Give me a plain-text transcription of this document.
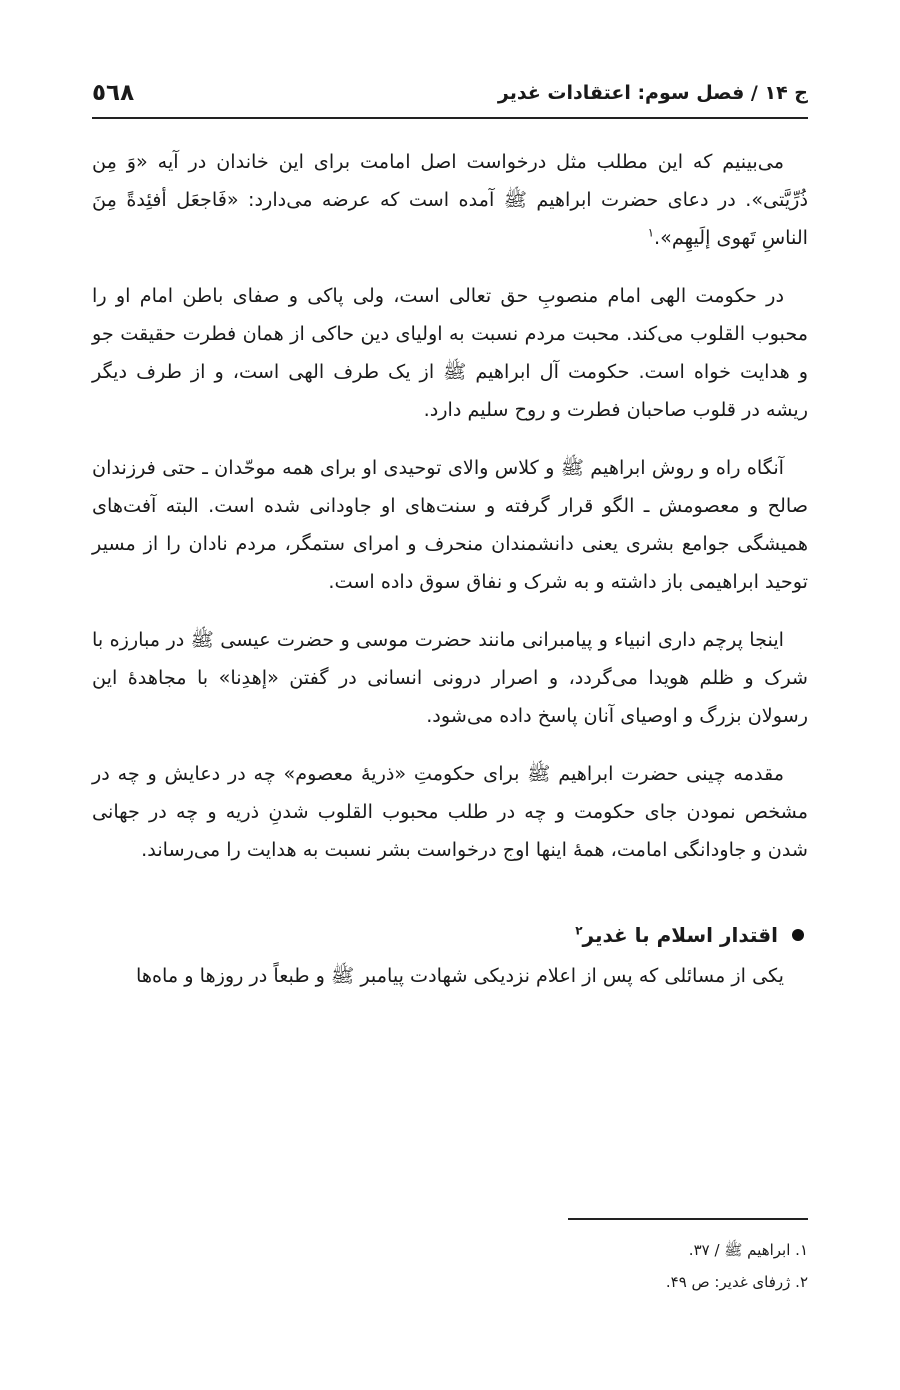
ج ۱۴ / فصل سوم: اعتقادات غدیر
٥٦٨

می‌بینیم که این مطلب مثل درخواست اصل امامت برای این خاندان در آیه «وَ مِن ذُرِّیَّتی». در دعای حضرت ابراهیم ﷺ آمده است که عرضه می‌دارد: «فَاجعَل أفئِدةً مِنَ الناسِ تَهوی إلَیهِم».$^۱$

در حکومت الهی امام منصوبِ حق تعالی است، ولی پاکی و صفای باطن امام او را محبوب القلوب می‌کند. محبت مردم نسبت به اولیای دین حاکی از همان فطرت حقیقت جو و هدایت خواه است. حکومت آل ابراهیم ﷺ از یک طرف الهی است، و از طرف دیگر ریشه در قلوب صاحبان فطرت و روح سلیم دارد.

آنگاه راه و روش ابراهیم ﷺ و کلاس والای توحیدی او برای همه موحّدان ـ حتی فرزندان صالح و معصومش ـ الگو قرار گرفته و سنت‌های او جاودانی شده است. البته آفت‌های همیشگی جوامع بشری یعنی دانشمندان منحرف و امرای ستمگر، مردم نادان را از مسیر توحید ابراهیمی باز داشته و به شرک و نفاق سوق داده است.

اینجا پرچم داری انبیاء و پیامبرانی مانند حضرت موسی و حضرت عیسی ﷺ در مبارزه با شرک و ظلم هویدا می‌گردد، و اصرار درونی انسانی در گفتن «إهدِنا» با مجاهدهٔ این رسولان بزرگ و اوصیای آنان پاسخ داده می‌شود.

مقدمه چینی حضرت ابراهیم ﷺ برای حکومتِ «ذریهٔ معصوم» چه در دعایش و چه در مشخص نمودن جای حکومت و چه در طلب محبوب القلوب شدنِ ذریه و چه در جهانی شدن و جاودانگی امامت، همهٔ اینها اوج درخواست بشر نسبت به هدایت را می‌رساند.

اقتدار اسلام با غدیر$^۲$

یکی از مسائلی که پس از اعلام نزدیکی شهادت پیامبر ﷺ و طبعاً در روزها و ماه‌ها

۱. ابراهیم ﷺ / ۳۷.
۲. ژرفای غدیر: ص ۴۹.
